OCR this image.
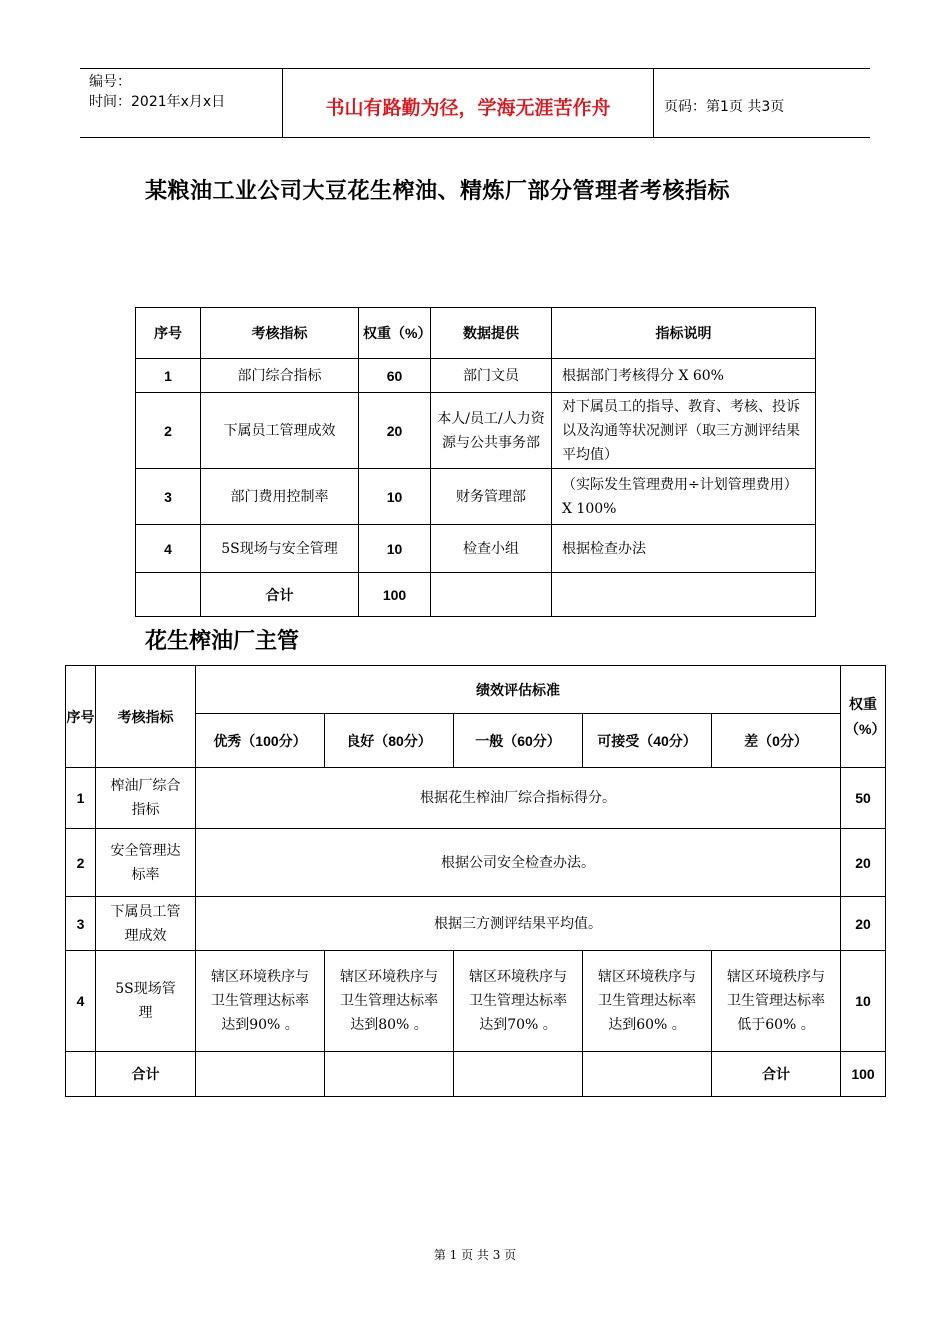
编号：
时间：2021年x月x日	书山有路勤为径，学海无涯苦作舟	页码：第1页 共3页
某粮油工业公司大豆花生榨油、精炼厂部分管理者考核指标
序号	考核指标	权重（%）	数据提供	指标说明
1	部门综合指标	60	部门文员	根据部门考核得分 X 60%
2	下属员工管理成效	20	本人/员工/人力资源与公共事务部	对下属员工的指导、教育、考核、投诉以及沟通等状况测评（取三方测评结果平均值）
3	部门费用控制率	10	财务管理部	（实际发生管理费用÷计划管理费用） X 100%
4	5S现场与安全管理	10	检查小组	根据检查办法
	合计	100		
花生榨油厂主管
序号	考核指标	绩效评估标准					权重（%）
		优秀（100分）	良好（80分）	一般（60分）	可接受（40分）	差（0分）	
1	榨油厂综合指标	根据花生榨油厂综合指标得分。					50
2	安全管理达标率	根据公司安全检查办法。					20
3	下属员工管理成效	根据三方测评结果平均值。					20
4	5S现场管理	辖区环境秩序与卫生管理达标率达到90% 。	辖区环境秩序与卫生管理达标率达到80% 。	辖区环境秩序与卫生管理达标率达到70% 。	辖区环境秩序与卫生管理达标率达到60% 。	辖区环境秩序与卫生管理达标率低于60% 。	10
	合计					合计	100
第 1 页 共 3 页
